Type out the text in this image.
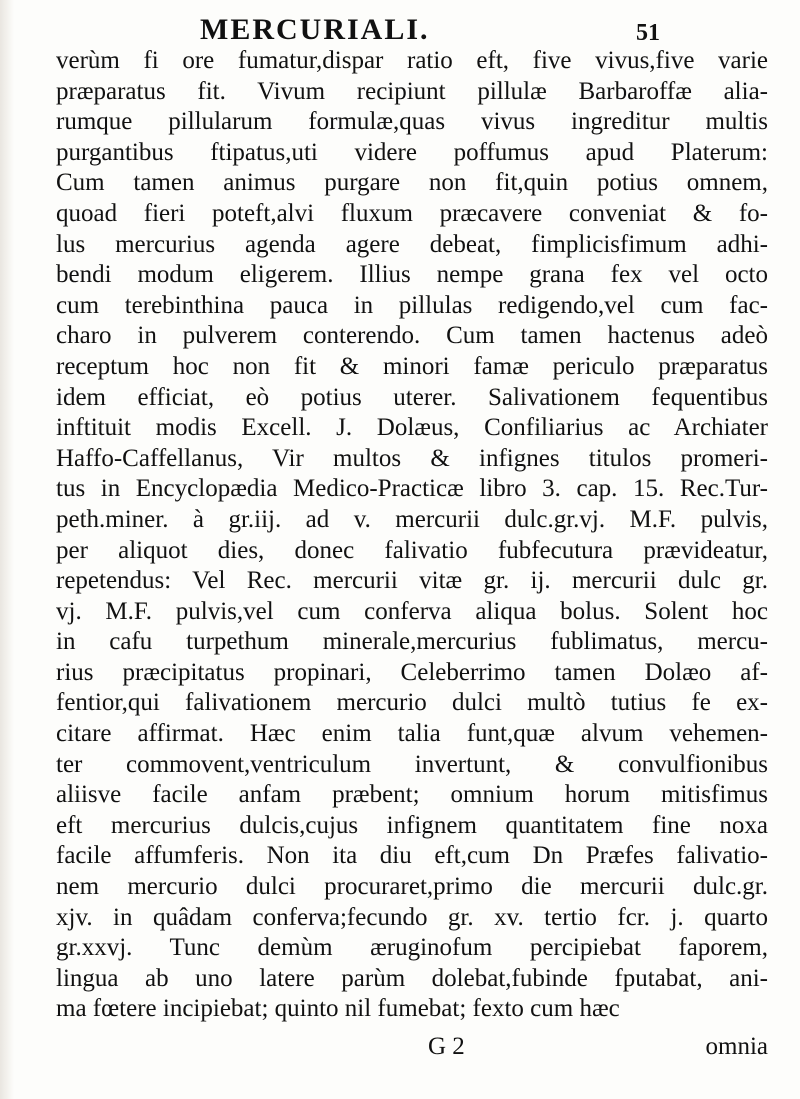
MERCURIALI.	51
verùm fi ore fumatur,dispar ratio eft, five vivus,five varie
præparatus fit. Vivum recipiunt pillulæ Barbaroffæ alia-
rumque pillularum formulæ,quas vivus ingreditur multis
purgantibus ftipatus,uti videre poffumus apud Platerum:
Cum tamen animus purgare non fit,quin potius omnem,
quoad fieri poteft,alvi fluxum præcavere conveniat & fo-
lus mercurius agenda agere debeat, fimplicisfimum adhi-
bendi modum eligerem. Illius nempe grana fex vel octo
cum terebinthina pauca in pillulas redigendo,vel cum fac-
charo in pulverem conterendo. Cum tamen hactenus adeò
receptum hoc non fit & minori famæ periculo præparatus
idem efficiat, eò potius uterer. Salivationem fequentibus
inftituit modis Excell. J. Dolæus, Confiliarius ac Archiater
Haffo-Caffellanus, Vir multos & infignes titulos promeri-
tus in Encyclopædia Medico-Practicæ libro 3. cap. 15. Rec.Tur-
peth.miner. à gr.iij. ad v. mercurii dulc.gr.vj. M.F. pulvis,
per aliquot dies, donec falivatio fubfecutura prævideatur,
repetendus: Vel Rec. mercurii vitæ gr. ij. mercurii dulc gr.
vj. M.F. pulvis,vel cum conferva aliqua bolus. Solent hoc
in cafu turpethum minerale,mercurius fublimatus, mercu-
rius præcipitatus propinari, Celeberrimo tamen Dolæo af-
fentior,qui falivationem mercurio dulci multò tutius fe ex-
citare affirmat. Hæc enim talia funt,quæ alvum vehemen-
ter commovent,ventriculum invertunt, & convulfionibus
aliisve facile anfam præbent; omnium horum mitisfimus
eft mercurius dulcis,cujus infignem quantitatem fine noxa
facile affumferis. Non ita diu eft,cum Dn Præfes falivatio-
nem mercurio dulci procuraret,primo die mercurii dulc.gr.
xjv. in quâdam conferva;fecundo gr. xv. tertio fcr. j. quarto
gr.xxvj. Tunc demùm æruginofum percipiebat faporem,
lingua ab uno latere parùm dolebat,fubinde fputabat, ani-
ma fœtere incipiebat; quinto nil fumebat; fexto cum hæc
G 2	omnia
